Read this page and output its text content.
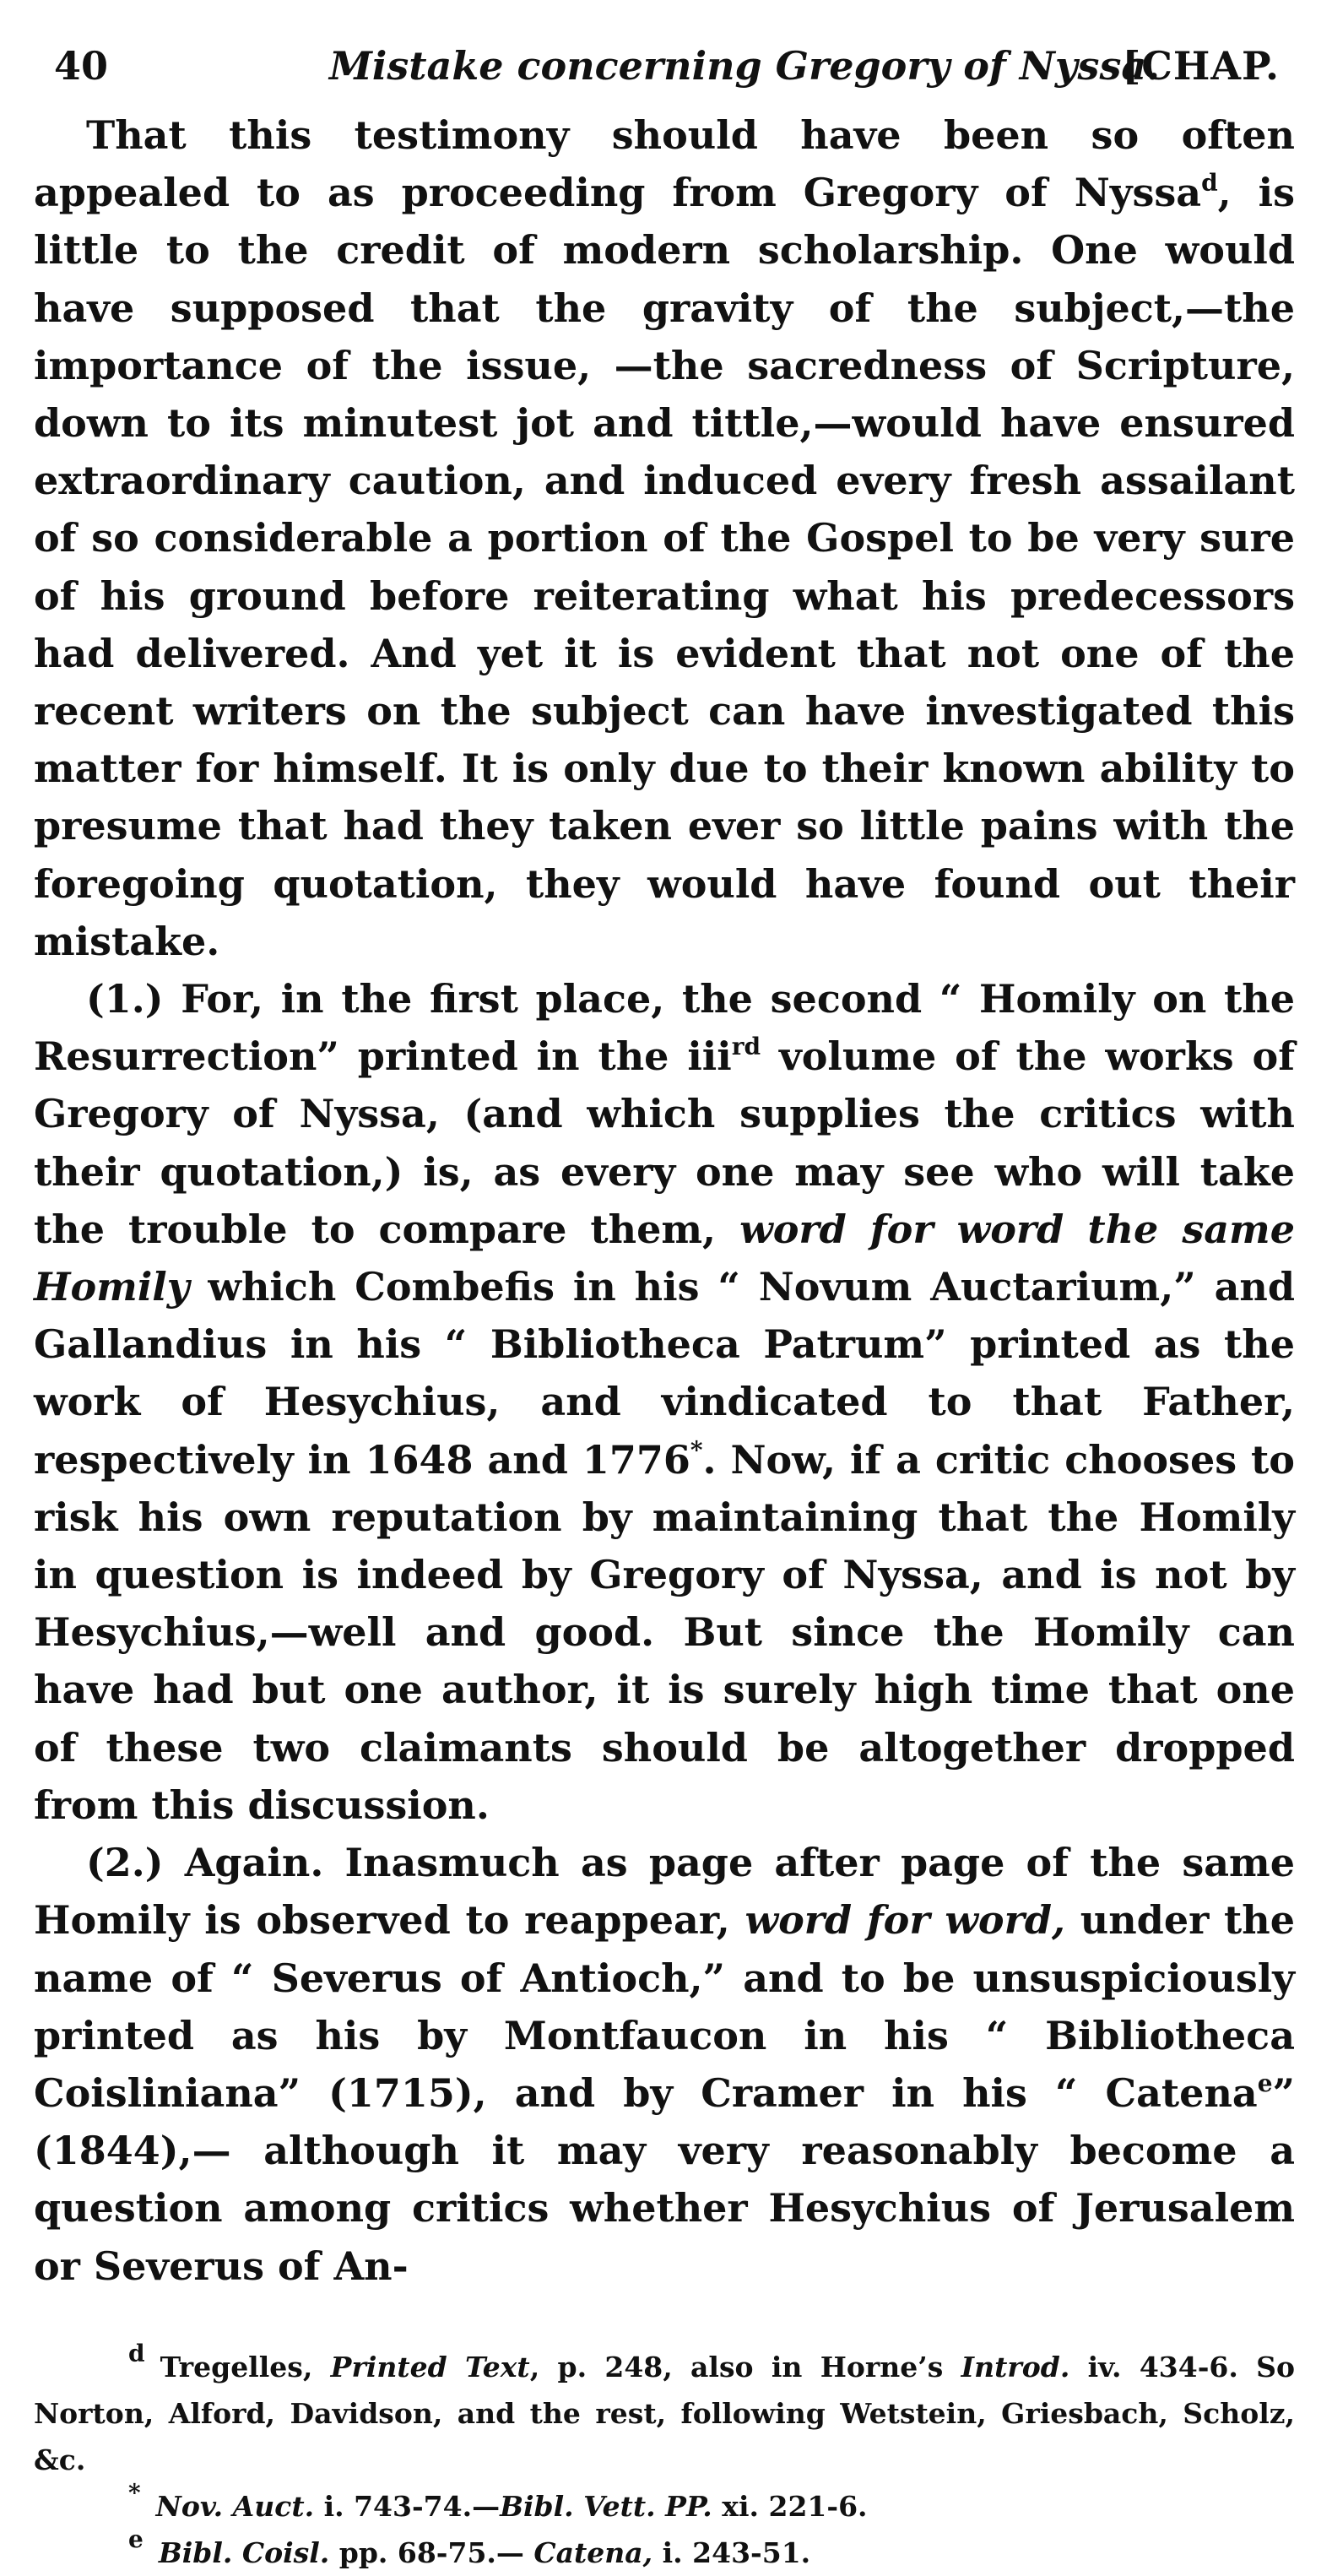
40	Mistake concerning Gregory of Nyssa.
[CHAP.

That this testimony should have been so often appealed to as proceeding from Gregory of Nyssa$^d$, is little to the credit of modern scholarship. One would have supposed that the gravity of the subject,—the importance of the issue, —the sacredness of Scripture, down to its minutest jot and tittle,—would have ensured extraordinary caution, and induced every fresh assailant of so considerable a portion of the Gospel to be very sure of his ground before reiterating what his predecessors had delivered. And yet it is evident that not one of the recent writers on the subject can have investigated this matter for himself. It is only due to their known ability to presume that had they taken ever so little pains with the foregoing quotation, they would have found out their mistake.

(1.) For, in the first place, the second “ Homily on the Resurrection” printed in the iii$^{rd}$ volume of the works of Gregory of Nyssa, (and which supplies the critics with their quotation,) is, as every one may see who will take the trouble to compare them, word for word the same Homily which Combefis in his “ Novum Auctarium,” and Gallandius in his “ Bibliotheca Patrum” printed as the work of Hesychius, and vindicated to that Father, respectively in 1648 and 1776*. Now, if a critic chooses to risk his own reputation by maintaining that the Homily in question is indeed by Gregory of Nyssa, and is not by Hesychius,—well and good. But since the Homily can have had but one author, it is surely high time that one of these two claimants should be altogether dropped from this discussion.

(2.) Again. Inasmuch as page after page of the same Homily is observed to reappear, word for word, under the name of “ Severus of Antioch,” and to be unsuspiciously printed as his by Montfaucon in his “ Bibliotheca Coisliniana” (1715), and by Cramer in his “ Catena$^e$” (1844),— although it may very reasonably become a question among critics whether Hesychius of Jerusalem or Severus of An-

$^d$ Tregelles, Printed Text, p. 248, also in Horne’s Introd. iv. 434-6. So Norton, Alford, Davidson, and the rest, following Wetstein, Griesbach, Scholz, &c.

* Nov. Auct. i. 743-74.—Bibl. Vett. PP. xi. 221-6.

$^e$ Bibl. Coisl. pp. 68-75.— Catena, i. 243-51.
